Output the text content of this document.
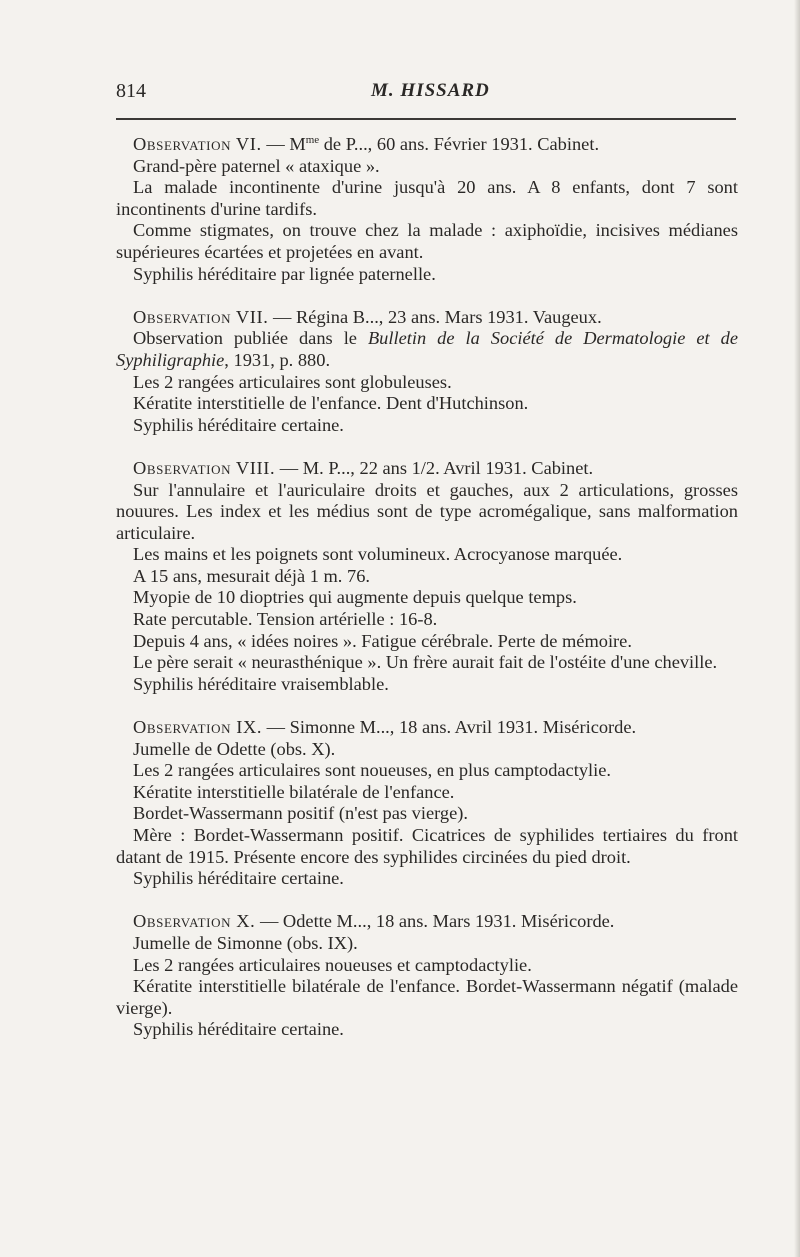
814	M. HISSARD

Observation VI. — $M^{me}$ de P..., 60 ans. Février 1931. Cabinet.

Grand-père paternel « ataxique ».

La malade incontinente d'urine jusqu'à 20 ans. A 8 enfants, dont 7 sont incontinents d'urine tardifs.

Comme stigmates, on trouve chez la malade : axiphoïdie, incisives médianes supérieures écartées et projetées en avant.

Syphilis héréditaire par lignée paternelle.

Observation VII. — Régina B..., 23 ans. Mars 1931. Vaugeux.

Observation publiée dans le Bulletin de la Société de Dermatologie et de Syphiligraphie, 1931, p. 880.

Les 2 rangées articulaires sont globuleuses.

Kératite interstitielle de l'enfance. Dent d'Hutchinson.

Syphilis héréditaire certaine.

Observation VIII. — M. P..., 22 ans 1/2. Avril 1931. Cabinet.

Sur l'annulaire et l'auriculaire droits et gauches, aux 2 articulations, grosses nouures. Les index et les médius sont de type acromégalique, sans malformation articulaire.

Les mains et les poignets sont volumineux. Acrocyanose marquée.

A 15 ans, mesurait déjà 1 m. 76.

Myopie de 10 dioptries qui augmente depuis quelque temps.

Rate percutable. Tension artérielle : 16-8.

Depuis 4 ans, « idées noires ». Fatigue cérébrale. Perte de mémoire.

Le père serait « neurasthénique ». Un frère aurait fait de l'ostéite d'une cheville.

Syphilis héréditaire vraisemblable.

Observation IX. — Simonne M..., 18 ans. Avril 1931. Miséricorde.

Jumelle de Odette (obs. X).

Les 2 rangées articulaires sont noueuses, en plus camptodactylie.

Kératite interstitielle bilatérale de l'enfance.

Bordet-Wassermann positif (n'est pas vierge).

Mère : Bordet-Wassermann positif. Cicatrices de syphilides tertiaires du front datant de 1915. Présente encore des syphilides circinées du pied droit.

Syphilis héréditaire certaine.

Observation X. — Odette M..., 18 ans. Mars 1931. Miséricorde.

Jumelle de Simonne (obs. IX).

Les 2 rangées articulaires noueuses et camptodactylie.

Kératite interstitielle bilatérale de l'enfance. Bordet-Wassermann négatif (malade vierge).

Syphilis héréditaire certaine.
